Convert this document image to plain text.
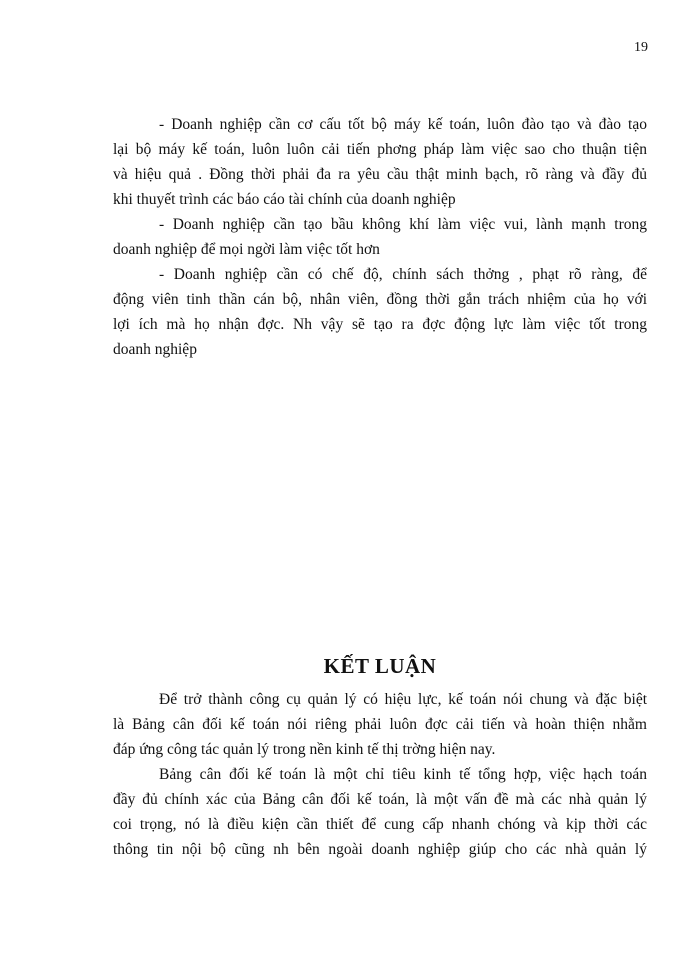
19
- Doanh nghiệp cần cơ cấu tốt bộ máy kế toán, luôn đào tạo và đào tạo
lại bộ máy kế toán, luôn luôn cải tiến phơng pháp làm việc sao cho thuận tiện
và hiệu quả . Đồng thời phải đa ra yêu cầu thật minh bạch, rõ ràng và đầy đủ
khi thuyết trình các báo cáo tài chính của doanh nghiệp
- Doanh nghiệp cần tạo bầu không khí làm việc vui, lành mạnh trong
doanh nghiệp để mọi ngời làm việc tốt hơn
- Doanh nghiệp cần có chế độ, chính sách thởng , phạt rõ ràng, để
động viên tinh thần cán bộ, nhân viên, đồng thời gắn trách nhiệm của họ với
lợi ích mà họ nhận đợc. Nh vậy sẽ tạo ra đợc động lực làm việc tốt trong
doanh nghiệp
KẾT LUẬN
Để trở thành công cụ quản lý có hiệu lực, kế toán nói chung và đặc biệt
là Bảng cân đối kế toán nói riêng phải luôn đợc cải tiến và hoàn thiện nhằm
đáp ứng công tác quản lý trong nền kinh tế thị trờng hiện nay.
Bảng cân đối kế toán là một chỉ tiêu kinh tế tổng hợp, việc hạch toán
đầy đủ chính xác của Bảng cân đối kế toán, là một vấn đề mà các nhà quản lý
coi trọng, nó là điều kiện cần thiết để cung cấp nhanh chóng và kịp thời các
thông tin nội bộ cũng nh bên ngoài doanh nghiệp giúp cho các nhà quản lý
